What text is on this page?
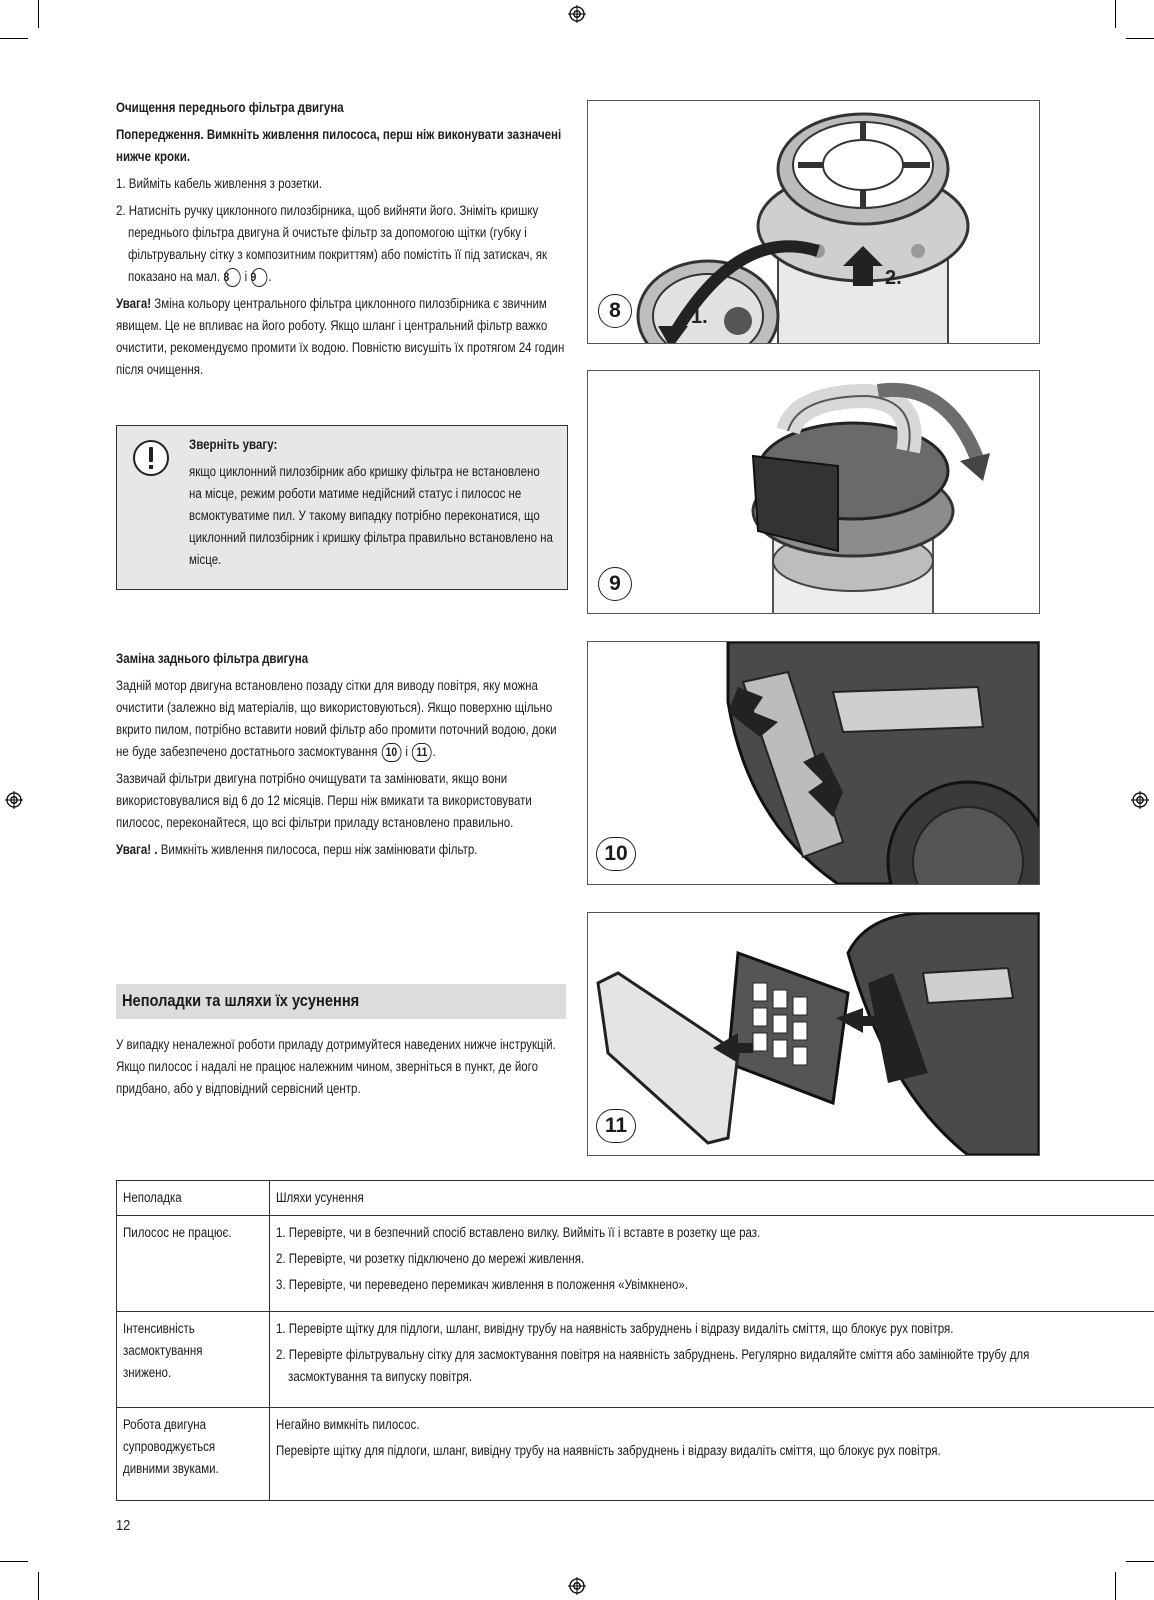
Очищення переднього фільтра двигуна

Попередження. Вимкніть живлення пилососа, перш ніж виконувати зазначені нижче кроки.

1. Вийміть кабель живлення з розетки.

2. Натисніть ручку циклонного пилозбірника, щоб вийняти його. Зніміть кришку переднього фільтра двигуна й очистьте фільтр за допомогою щітки (губку і фільтрувальну сітку з композитним покриттям) або помістіть її під затискач, як показано на мал. 8 і 9 .

Увага! Зміна кольору центрального фільтра циклонного пилозбірника є звичним явищем. Це не впливає на його роботу. Якщо шланг і центральний фільтр важко очистити, рекомендуємо промити їх водою. Повністю висушіть їх протягом 24 годин після очищення.

Зверніть увагу:

якщо циклонний пилозбірник або кришку фільтра не встановлено на місце, режим роботи матиме недійсний статус і пилосос не всмоктуватиме пил. У такому випадку потрібно переконатися, що циклонний пилозбірник і кришку фільтра правильно встановлено на місце.

Заміна заднього фільтра двигуна

Задній мотор двигуна встановлено позаду сітки для виводу повітря, яку можна очистити (залежно від матеріалів, що використовуються). Якщо поверхню щільно вкрито пилом, потрібно вставити новий фільтр або промити поточний водою, доки не буде забезпечено достатнього засмоктування 10 і 11 .

Зазвичай фільтри двигуна потрібно очищувати та замінювати, якщо вони використовувалися від 6 до 12 місяців. Перш ніж вмикати та використовувати пилосос, переконайтеся, що всі фільтри приладу встановлено правильно.

Увага! . Вимкніть живлення пилососа, перш ніж замінювати фільтр.

Неполадки та шляхи їх усунення

У випадку неналежної роботи приладу дотримуйтеся наведених нижче інструкцій. Якщо пилосос і надалі не працює належним чином, зверніться в пункт, де його придбано, або у відповідний сервісний центр.

2.
1.
8
9
10
11
Неполадка	Шляхи усунення

Пилосос не працює.	1. Перевірте, чи в безпечний спосіб вставлено вилку. Вийміть її і вставте в розетку ще раз.
2. Перевірте, чи розетку підключено до мережі живлення.
3. Перевірте, чи переведено перемикач живлення в положення «Увімкнено».

Інтенсивність засмоктування знижено.	1. Перевірте щітку для підлоги, шланг, вивідну трубу на наявність забруднень і відразу видаліть сміття, що блокує рух повітря.
2. Перевірте фільтрувальну сітку для засмоктування повітря на наявність забруднень. Регулярно видаляйте сміття або замінюйте трубу для засмоктування та випуску повітря.

Робота двигуна супроводжується дивними звуками.	Негайно вимкніть пилосос.
Перевірте щітку для підлоги, шланг, вивідну трубу на наявність забруднень і відразу видаліть сміття, що блокує рух повітря.
12
